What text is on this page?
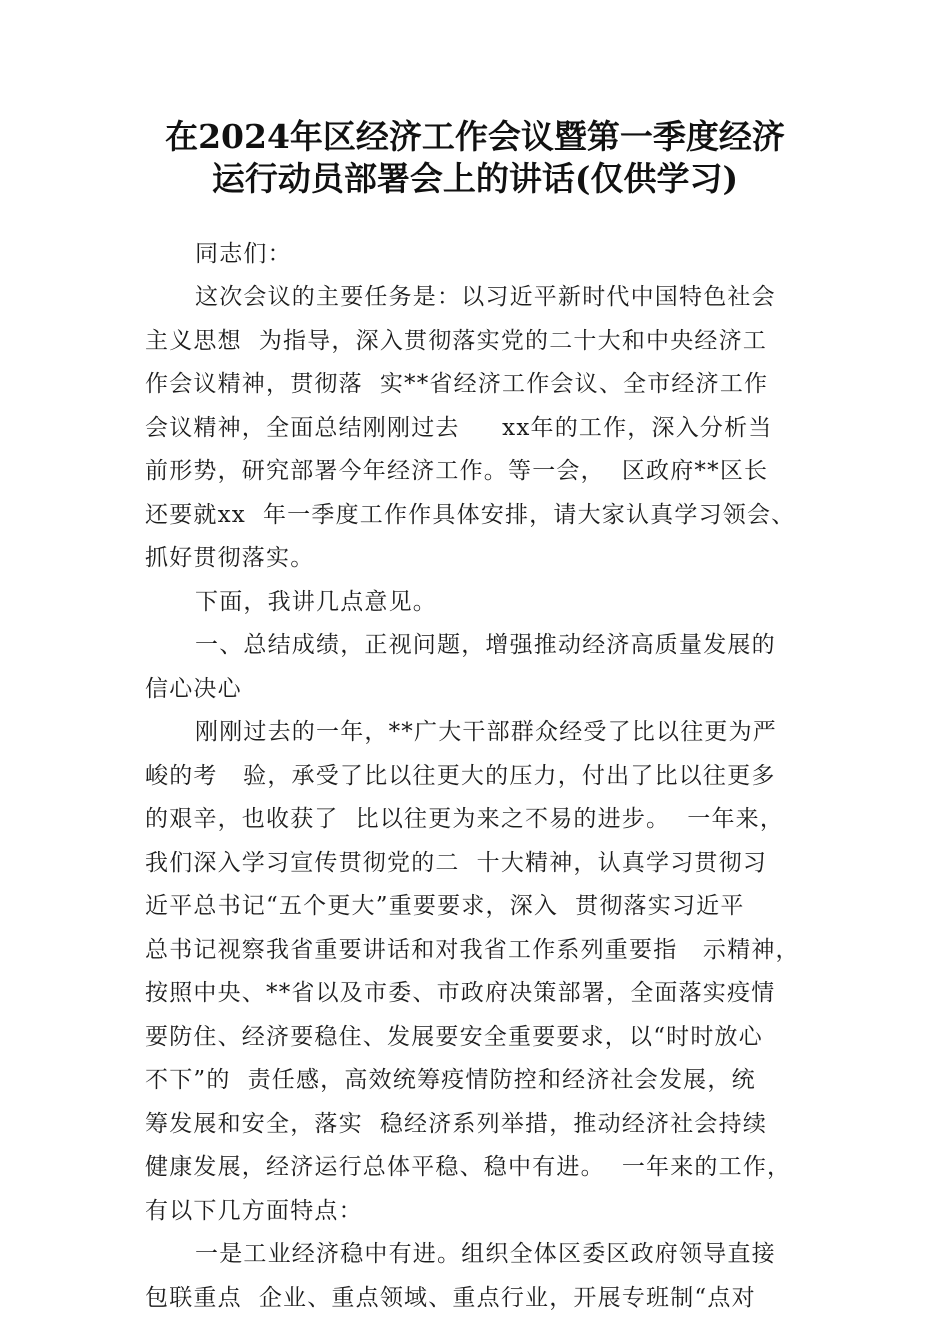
在2024年区经济工作会议暨第一季度经济
运行动员部署会上的讲话(仅供学习)
同志们：
这次会议的主要任务是：以习近平新时代中国特色社会
主义思想  为指导，深入贯彻落实党的二十大和中央经济工
作会议精神，贯彻落  实**省经济工作会议、全市经济工作
会议精神，全面总结刚刚过去     xx年的工作，深入分析当
前形势，研究部署今年经济工作。等一会，  区政府**区长
还要就xx  年一季度工作作具体安排，请大家认真学习领会、
抓好贯彻落实。
下面，我讲几点意见。
一、总结成绩，正视问题，增强推动经济高质量发展的
信心决心
刚刚过去的一年，**广大干部群众经受了比以往更为严
峻的考   验，承受了比以往更大的压力，付出了比以往更多
的艰辛，也收获了  比以往更为来之不易的进步。  一年来，
我们深入学习宣传贯彻党的二  十大精神，认真学习贯彻习
近平总书记“五个更大”重要要求，深入  贯彻落实习近平
总书记视察我省重要讲话和对我省工作系列重要指   示精神，
按照中央、**省以及市委、市政府决策部署，全面落实疫情
要防住、经济要稳住、发展要安全重要要求，以“时时放心
不下”的  责任感，高效统筹疫情防控和经济社会发展，统
筹发展和安全，落实  稳经济系列举措，推动经济社会持续
健康发展，经济运行总体平稳、稳中有进。  一年来的工作，
有以下几方面特点：
一是工业经济稳中有进。组织全体区委区政府领导直接
包联重点  企业、重点领域、重点行业，开展专班制“点对
